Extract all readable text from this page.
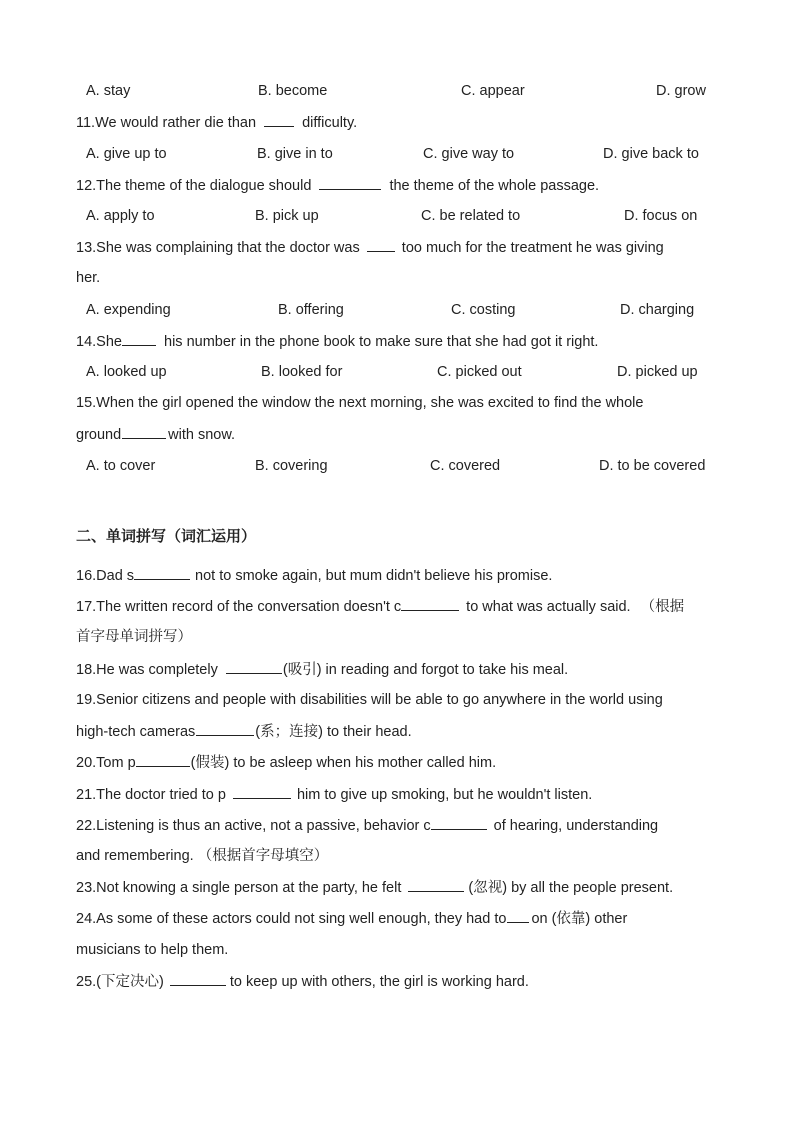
A. stay	B. become	C. appear	D. grow
11.We would rather die than	difficulty.
A. give up to	B. give in to	C. give way to	D. give back to
12.The theme of the dialogue should	the theme of the whole passage.
A. apply to	B. pick up	C. be related to	D. focus on
13.She was complaining that the doctor was	too much for the treatment he was giving
her.
A. expending	B. offering	C. costing	D. charging
14.She	his number in the phone book to make sure that she had got it right.
A. looked up	B. looked for	C. picked out	D. picked up
15.When the girl opened the window the next morning, she was excited to find the whole
ground	with snow.
A. to cover	B. covering	C. covered	D. to be covered
二、单词拼写（词汇运用）
16.Dad s	not to smoke again, but mum didn't believe his promise.
17.The written record of the conversation doesn't c	to what was actually said. （根据
首字母单词拼写）
18.He was completely	(吸引) in reading and forgot to take his meal.
19.Senior citizens and people with disabilities will be able to go anywhere in the world using
high-tech cameras	(系；连接) to their head.
20.Tom p	(假装) to be asleep when his mother called him.
21.The doctor tried to p	him to give up smoking, but he wouldn't listen.
22.Listening is thus an active, not a passive, behavior c	of hearing, understanding
and remembering. （根据首字母填空）
23.Not knowing a single person at the party, he felt	(忽视) by all the people present.
24.As some of these actors could not sing well enough, they had to on (依靠) other
musicians to help them.
25.(下定决心)	to keep up with others, the girl is working hard.
